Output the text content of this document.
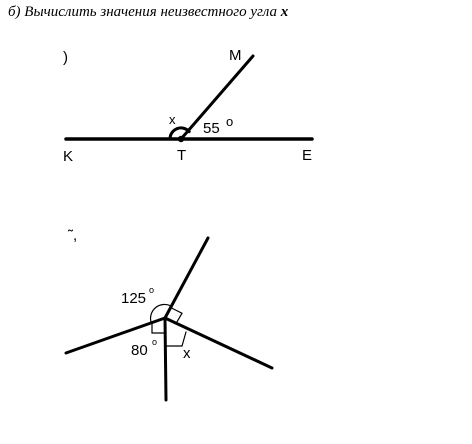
б) Вычислить значения неизвестного угла x
)
K	T	E
M
x
55 o
˜,
125 o
80 o
x
